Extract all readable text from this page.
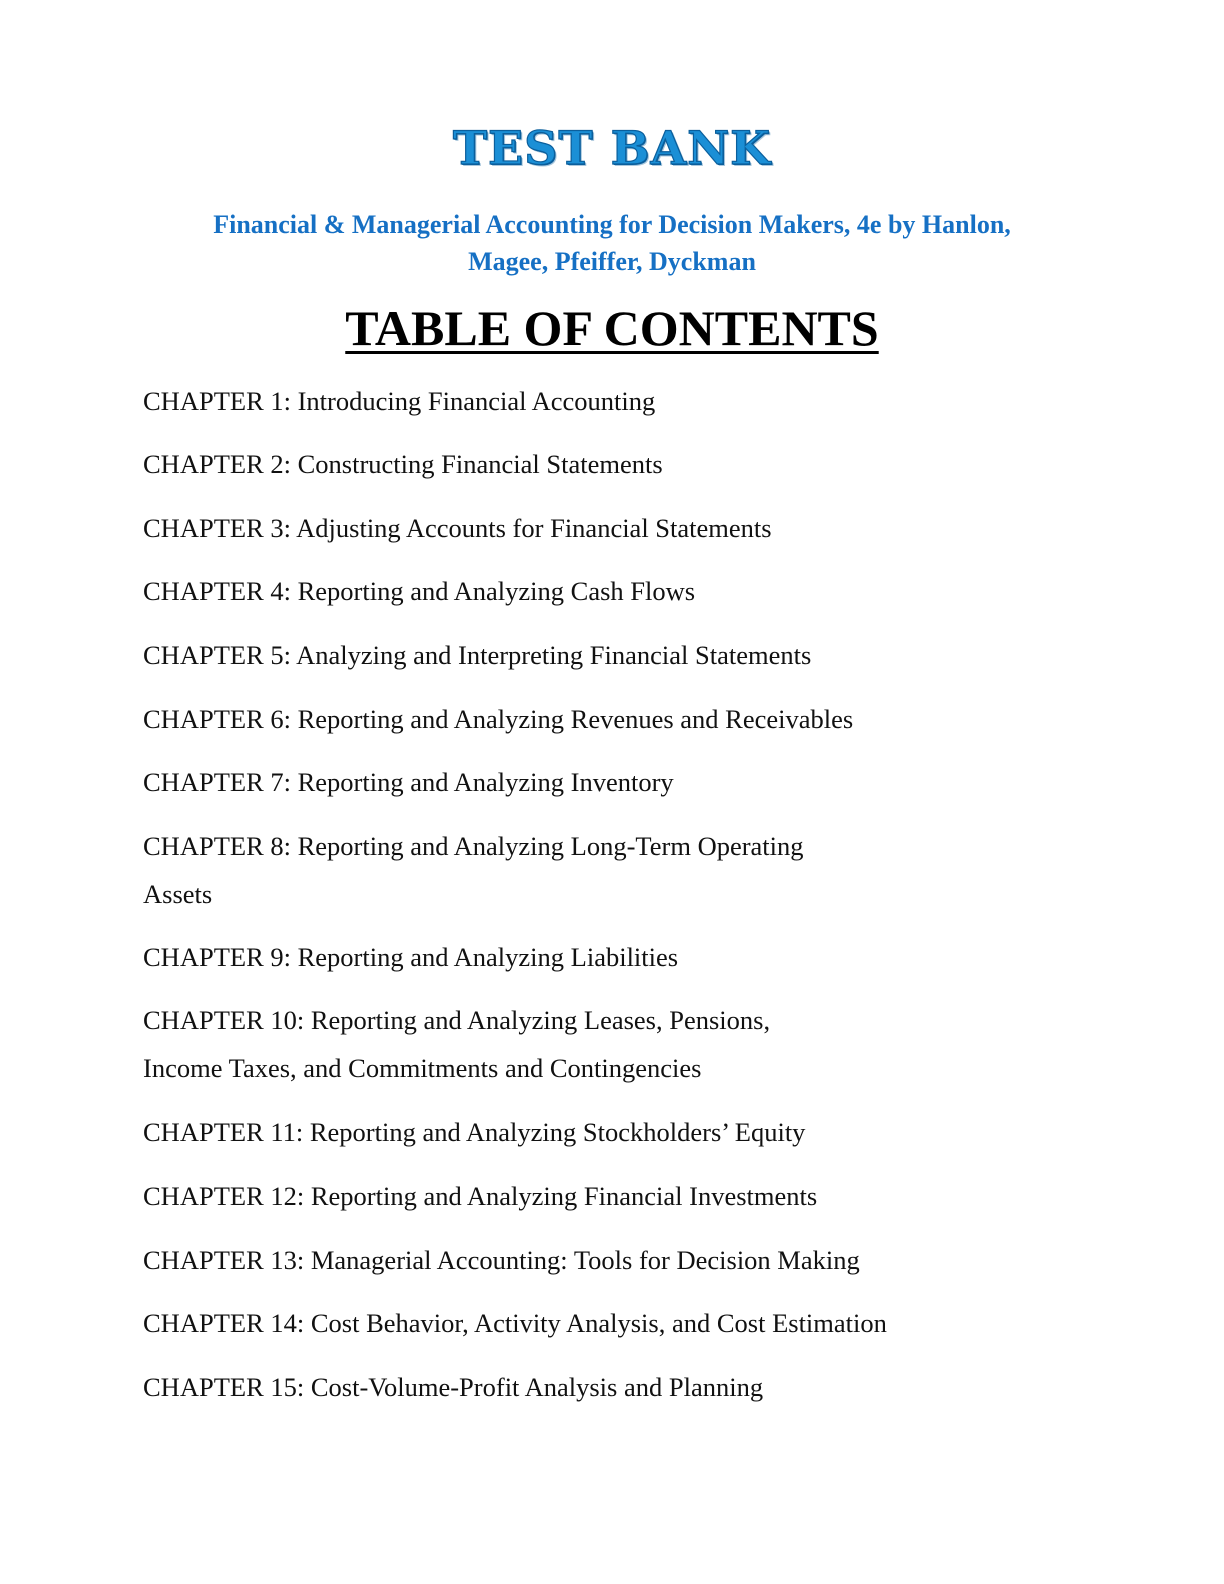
TEST BANK
Financial & Managerial Accounting for Decision Makers, 4e by Hanlon,
Magee, Pfeiffer, Dyckman
TABLE OF CONTENTS
CHAPTER 1: Introducing Financial Accounting
CHAPTER 2: Constructing Financial Statements
CHAPTER 3: Adjusting Accounts for Financial Statements
CHAPTER 4: Reporting and Analyzing Cash Flows
CHAPTER 5: Analyzing and Interpreting Financial Statements
CHAPTER 6: Reporting and Analyzing Revenues and Receivables
CHAPTER 7: Reporting and Analyzing Inventory
CHAPTER 8: Reporting and Analyzing Long-Term Operating
Assets
CHAPTER 9: Reporting and Analyzing Liabilities
CHAPTER 10: Reporting and Analyzing Leases, Pensions,
Income Taxes, and Commitments and Contingencies
CHAPTER 11: Reporting and Analyzing Stockholders’ Equity
CHAPTER 12: Reporting and Analyzing Financial Investments
CHAPTER 13: Managerial Accounting: Tools for Decision Making
CHAPTER 14: Cost Behavior, Activity Analysis, and Cost Estimation
CHAPTER 15: Cost-Volume-Profit Analysis and Planning
